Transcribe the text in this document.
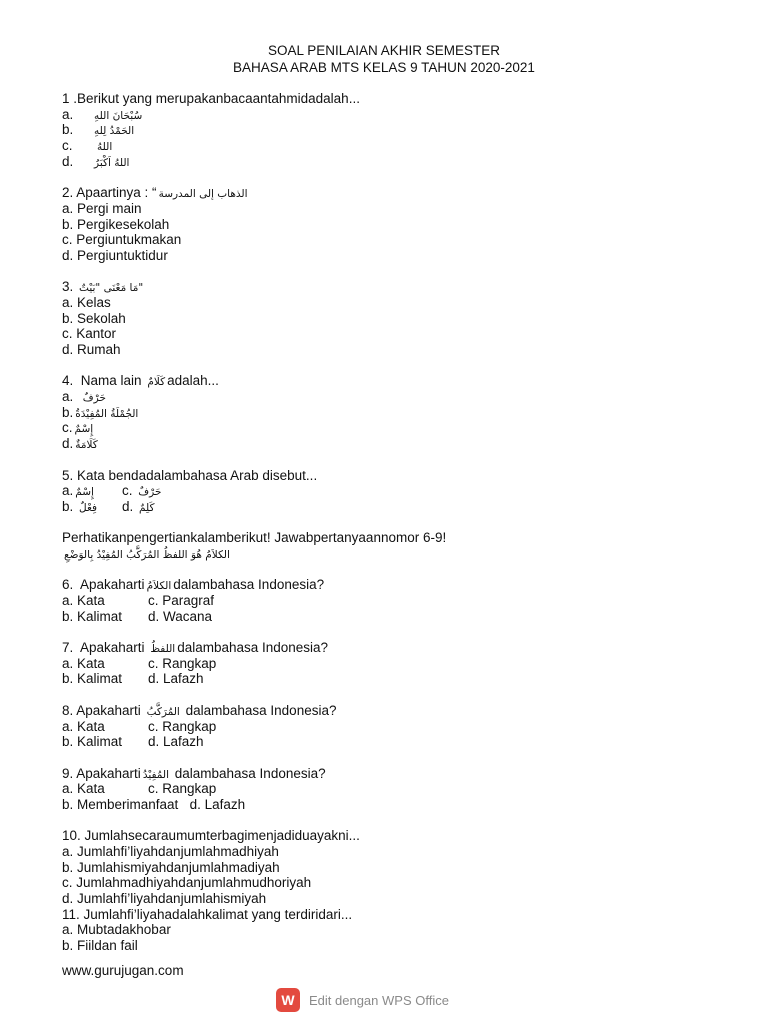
SOAL PENILAIAN AKHIR SEMESTER
BAHASA ARAB MTS KELAS 9 TAHUN 2020-2021
1 .Berikut yang merupakanbacaantahmidadalah...
a. سُبْحَانَ اللهِ
b. الحَمْدُ لِلهِ
c. اللهُ
d. اللهُ اَكْبَرُ
2. Apaartinya : “ الذهاب إلى المدرسة
a. Pergi main
b. Pergikesekolah
c. Pergiuntukmakan
d. Pergiuntuktidur
3. "مَا مَعْنَى "بَيْتٌ
a. Kelas
b. Sekolah
c. Kantor
d. Rumah
4.  Nama lain كَلَامٌ adalah...
a. حَرْفٌ
b. الجُمْلَةُ المُفِيْدَةُ
c. إِسْمٌ
d. كَلَامَةٌ
5. Kata bendadalambahasa Arab disebut...
a. إِسْمٌ c. حَرْفٌ
b. فِعْلٌ d. كَلِمٌ
Perhatikanpengertiankalamberikut! Jawabpertanyaannomor 6-9!
الكلاَمُ هُوَ اللفظُ المُرَكَّبُ المُفِيْدُ بِالوَضْعِ
6.  Apakaharti الكلاَمُ dalambahasa Indonesia?
a. Kata	c. Paragraf
b. Kalimat d. Wacana
7.  Apakaharti اللفظُ dalambahasa Indonesia?
a. Kata	c. Rangkap
b. Kalimat d. Lafazh
8. Apakaharti المُرَكَّبُ dalambahasa Indonesia?
a. Kata	c. Rangkap
b. Kalimat d. Lafazh
9. Apakaharti المُفِيْدُ dalambahasa Indonesia?
a. Kata	c. Rangkap
b. Memberimanfaat d. Lafazh
10. Jumlahsecaraumumterbagimenjadiduayakni...
a. Jumlahfi’liyahdanjumlahmadhiyah
b. Jumlahismiyahdanjumlahmadiyah
c. Jumlahmadhiyahdanjumlahmudhoriyah
d. Jumlahfi’liyahdanjumlahismiyah
11. Jumlahfi’liyahadalahkalimat yang terdiridari...
a. Mubtadakhobar
b. Fiildan fail
www.gurujugan.com
W	Edit dengan WPS Office
